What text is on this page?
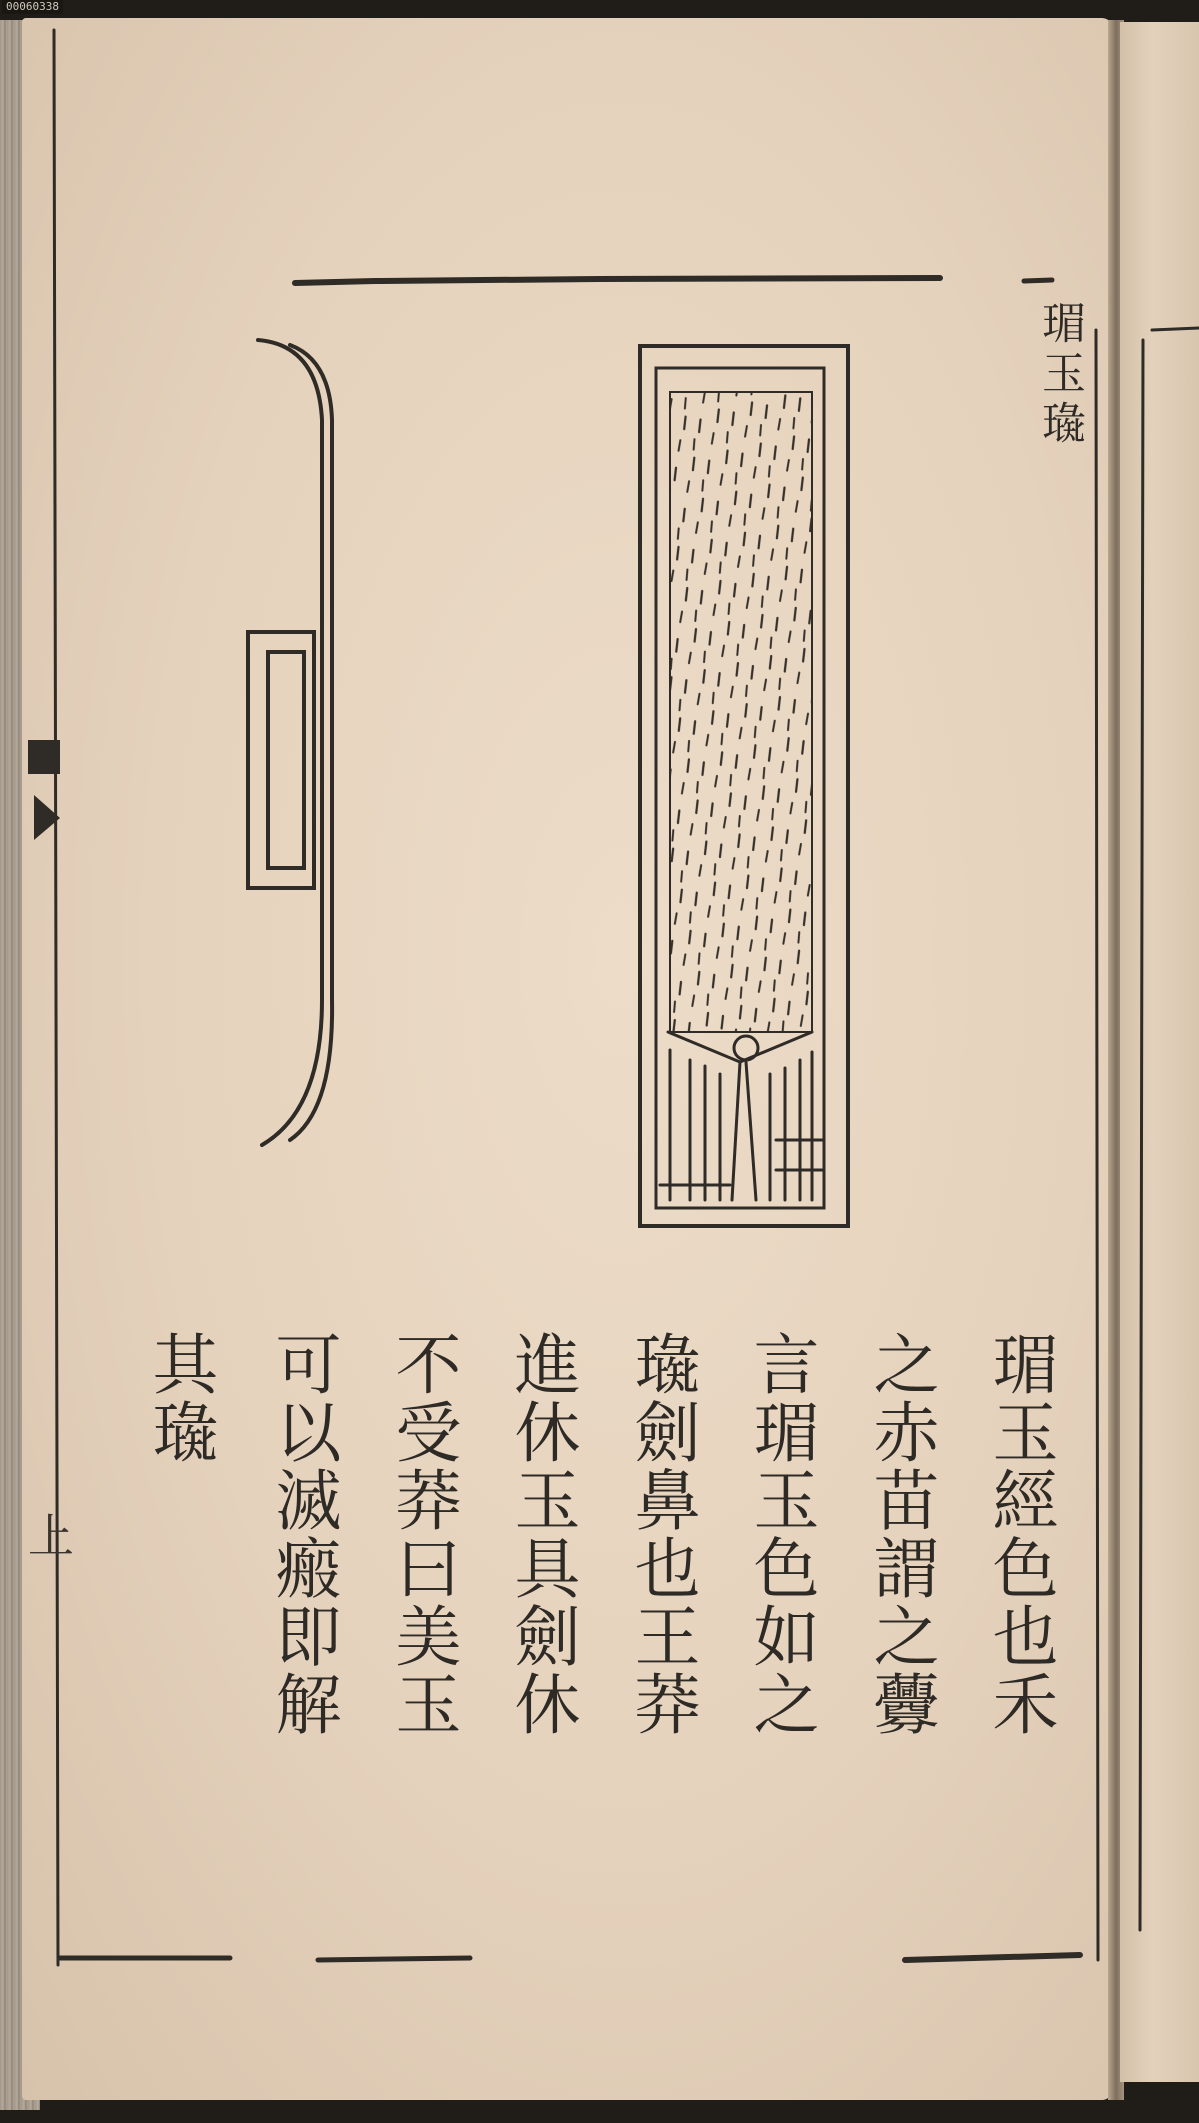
00060338
上
瑂玉璏
瑂玉經色也禾
之赤苗謂之虋
言瑂玉色如之
璏劍鼻也王莽
進休玉具劍休
不受莽曰美玉
可以滅瘢即解
其璏
